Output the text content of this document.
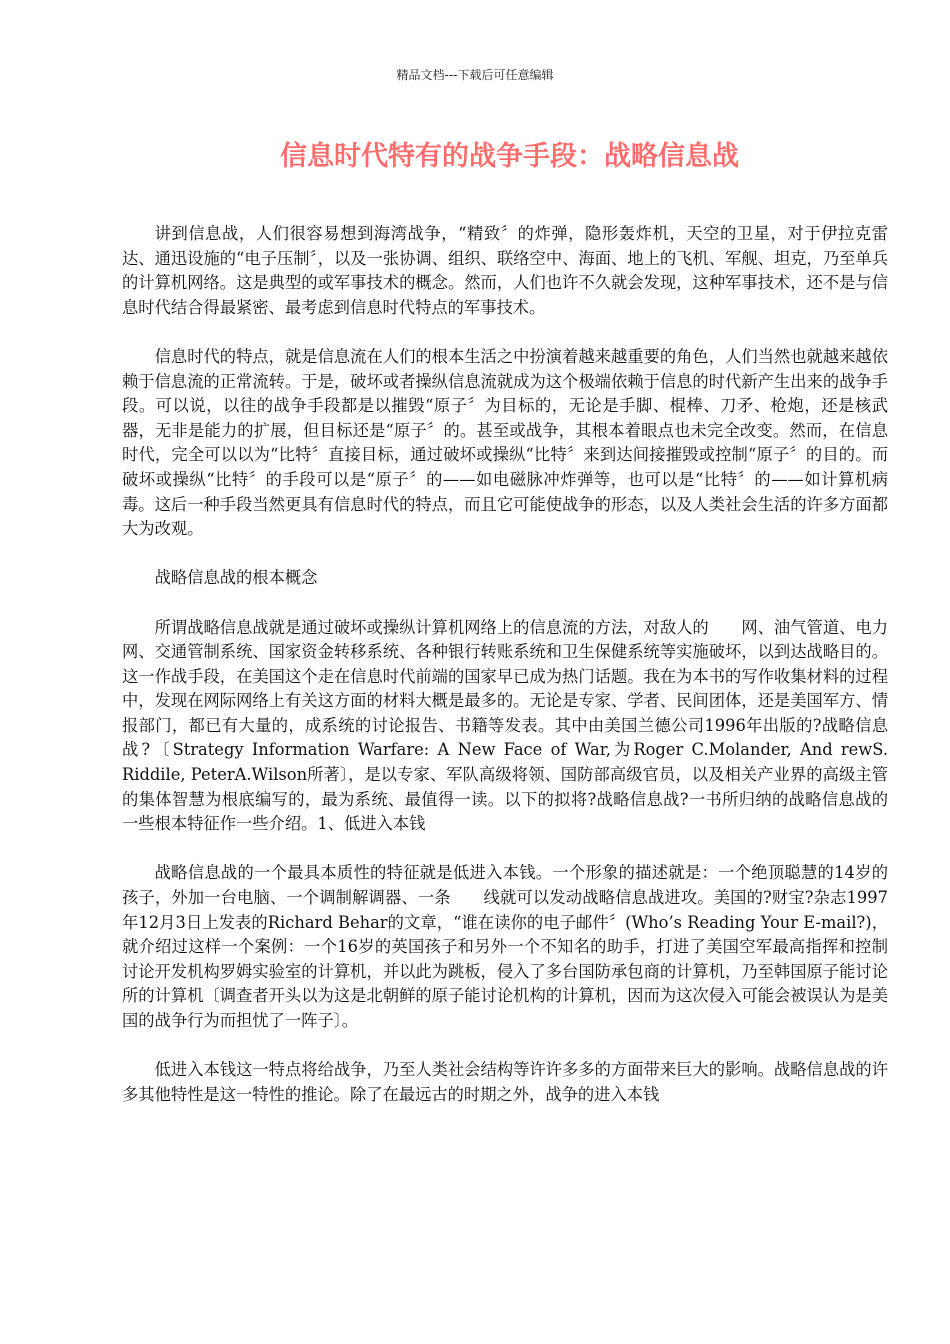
精品文档---下载后可任意编辑
信息时代特有的战争手段：战略信息战

讲到信息战，人们很容易想到海湾战争，“精致〞的炸弹，隐形轰炸机，天空的卫星，对于伊拉克雷达、通迅设施的“电子压制〞，以及一张协调、组织、联络空中、海面、地上的飞机、军舰、坦克，乃至单兵的计算机网络。这是典型的或军事技术的概念。然而，人们也许不久就会发现，这种军事技术，还不是与信息时代结合得最紧密、最考虑到信息时代特点的军事技术。

信息时代的特点，就是信息流在人们的根本生活之中扮演着越来越重要的角色，人们当然也就越来越依赖于信息流的正常流转。于是，破坏或者操纵信息流就成为这个极端依赖于信息的时代新产生出来的战争手段。可以说，以往的战争手段都是以摧毁“原子〞为目标的，无论是手脚、棍棒、刀矛、枪炮，还是核武器，无非是能力的扩展，但目标还是“原子〞的。甚至或战争，其根本着眼点也未完全改变。然而，在信息时代，完全可以以为“比特〞直接目标，通过破坏或操纵“比特〞来到达间接摧毁或控制“原子〞的目的。而破坏或操纵“比特〞的手段可以是“原子〞的——如电磁脉冲炸弹等，也可以是“比特〞的——如计算机病毒。这后一种手段当然更具有信息时代的特点，而且它可能使战争的形态，以及人类社会生活的许多方面都大为改观。

战略信息战的根本概念

所谓战略信息战就是通过破坏或操纵计算机网络上的信息流的方法，对敌人的　　网、油气管道、电力网、交通管制系统、国家资金转移系统、各种银行转账系统和卫生保健系统等实施破坏，以到达战略目的。这一作战手段，在美国这个走在信息时代前端的国家早已成为热门话题。我在为本书的写作收集材料的过程中，发现在网际网络上有关这方面的材料大概是最多的。无论是专家、学者、民间团体，还是美国军方、情报部门，都已有大量的，成系统的讨论报告、书籍等发表。其中由美国兰德公司1996年出版的?战略信息战?〔Strategy Information Warfare: A New Face of War,为Roger C.Molander, And rewS. Riddile, PeterA.Wilson所著〕，是以专家、军队高级将领、国防部高级官员，以及相关产业界的高级主管的集体智慧为根底编写的，最为系统、最值得一读。以下的拟将?战略信息战?一书所归纳的战略信息战的一些根本特征作一些介绍。1、低进入本钱

战略信息战的一个最具本质性的特征就是低进入本钱。一个形象的描述就是：一个绝顶聪慧的14岁的孩子，外加一台电脑、一个调制解调器、一条　　线就可以发动战略信息战进攻。美国的?财宝?杂志1997年12月3日上发表的Richard Behar的文章，“谁在读你的电子邮件〞(Who’s Reading Your E-mail?)，就介绍过这样一个案例：一个16岁的英国孩子和另外一个不知名的助手，打进了美国空军最高指挥和控制讨论开发机构罗姆实验室的计算机，并以此为跳板，侵入了多台国防承包商的计算机，乃至韩国原子能讨论所的计算机〔调查者开头以为这是北朝鲜的原子能讨论机构的计算机，因而为这次侵入可能会被误认为是美国的战争行为而担忧了一阵子〕。

低进入本钱这一特点将给战争，乃至人类社会结构等许许多多的方面带来巨大的影响。战略信息战的许多其他特性是这一特性的推论。除了在最远古的时期之外，战争的进入本钱
